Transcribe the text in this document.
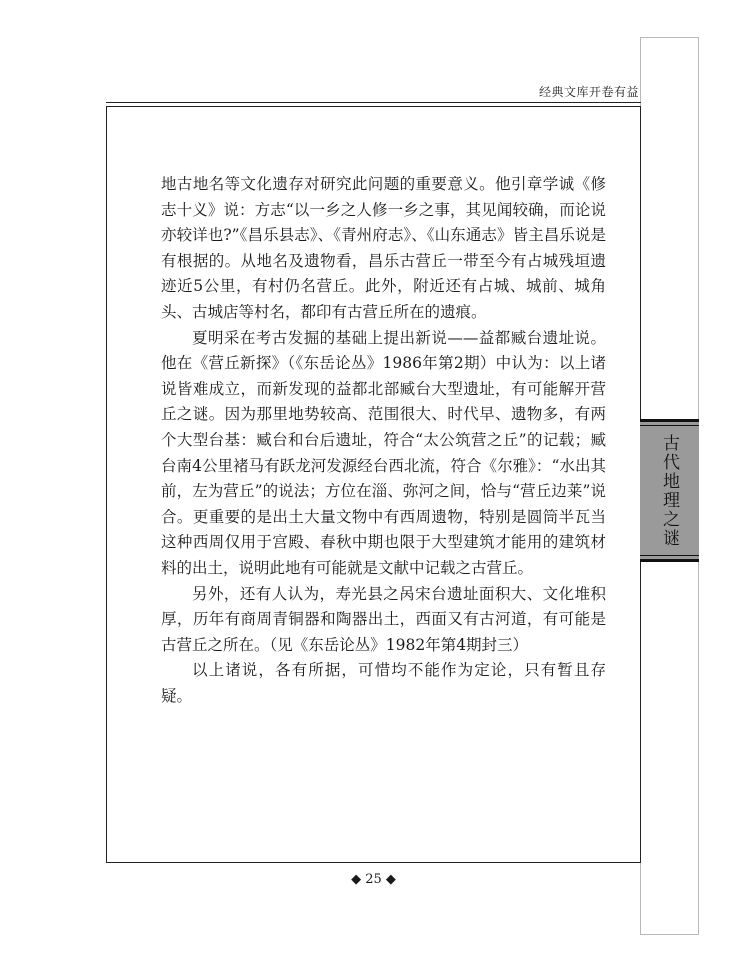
经典文库开卷有益

地古地名等文化遗存对研究此问题的重要意义。他引章学诚《修志十义》说：方志“以一乡之人修一乡之事，其见闻较确，而论说亦较详也?”《昌乐县志》、《青州府志》、《山东通志》皆主昌乐说是有根据的。从地名及遗物看，昌乐古营丘一带至今有占城残垣遗迹近5公里，有村仍名营丘。此外，附近还有占城、城前、城角头、古城店等村名，都印有古营丘所在的遗痕。

夏明采在考古发掘的基础上提出新说——益都臧台遗址说。他在《营丘新探》（《东岳论丛》1986年第2期）中认为：以上诸说皆难成立，而新发现的益都北部臧台大型遗址，有可能解开营丘之谜。因为那里地势较高、范围很大、时代早、遗物多，有两个大型台基：臧台和台后遗址，符合“太公筑营之丘”的记载；臧台南4公里褚马有跃龙河发源经台西北流，符合《尔雅》：“水出其前，左为营丘”的说法；方位在淄、弥河之间，恰与“营丘边莱”说合。更重要的是出土大量文物中有西周遗物，特别是圆筒半瓦当这种西周仅用于宫殿、春秋中期也限于大型建筑才能用的建筑材料的出土，说明此地有可能就是文献中记载之古营丘。

另外，还有人认为，寿光县之呙宋台遗址面积大、文化堆积厚，历年有商周青铜器和陶器出土，西面又有古河道，有可能是古营丘之所在。（见《东岳论丛》1982年第4期封三）

以上诸说，各有所据，可惜均不能作为定论，只有暂且存疑。

古代地理之谜
◆ 25 ◆
